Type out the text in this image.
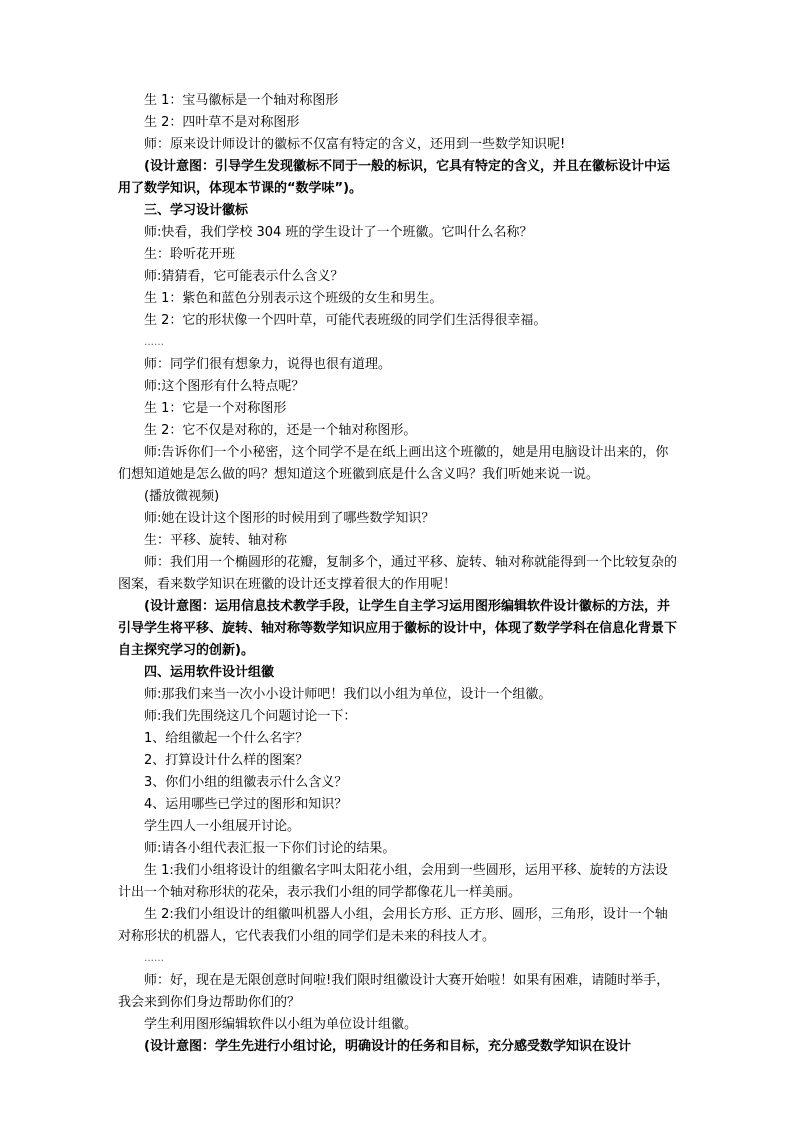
生 1：宝马徽标是一个轴对称图形

生 2：四叶草不是对称图形

师：原来设计师设计的徽标不仅富有特定的含义，还用到一些数学知识呢!

(设计意图：引导学生发现徽标不同于一般的标识，它具有特定的含义，并且在徽标设计中运用了数学知识，体现本节课的“数学味”)。

三、学习设计徽标

师:快看，我们学校 304 班的学生设计了一个班徽。它叫什么名称？

生：聆听花开班

师:猜猜看，它可能表示什么含义？

生 1：紫色和蓝色分别表示这个班级的女生和男生。

生 2：它的形状像一个四叶草，可能代表班级的同学们生活得很幸福。

……

师：同学们很有想象力，说得也很有道理。

师:这个图形有什么特点呢？

生 1：它是一个对称图形

生 2：它不仅是对称的，还是一个轴对称图形。

师:告诉你们一个小秘密，这个同学不是在纸上画出这个班徽的，她是用电脑设计出来的，你们想知道她是怎么做的吗？想知道这个班徽到底是什么含义吗？我们听她来说一说。

(播放微视频)

师:她在设计这个图形的时候用到了哪些数学知识？

生：平移、旋转、轴对称

师：我们用一个椭圆形的花瓣，复制多个，通过平移、旋转、轴对称就能得到一个比较复杂的图案，看来数学知识在班徽的设计还支撑着很大的作用呢！

(设计意图：运用信息技术教学手段，让学生自主学习运用图形编辑软件设计徽标的方法，并引导学生将平移、旋转、轴对称等数学知识应用于徽标的设计中，体现了数学学科在信息化背景下自主探究学习的创新)。

四、运用软件设计组徽

师:那我们来当一次小小设计师吧！我们以小组为单位，设计一个组徽。

师:我们先围绕这几个问题讨论一下：

1、给组徽起一个什么名字？

2、打算设计什么样的图案？

3、你们小组的组徽表示什么含义？

4、运用哪些已学过的图形和知识？

学生四人一小组展开讨论。

师:请各小组代表汇报一下你们讨论的结果。

生 1:我们小组将设计的组徽名字叫太阳花小组，会用到一些圆形，运用平移、旋转的方法设计出一个轴对称形状的花朵，表示我们小组的同学都像花儿一样美丽。

生 2:我们小组设计的组徽叫机器人小组，会用长方形、正方形、圆形，三角形，设计一个轴对称形状的机器人，它代表我们小组的同学们是未来的科技人才。

……

师：好，现在是无限创意时间啦!我们限时组徽设计大赛开始啦！如果有困难，请随时举手，我会来到你们身边帮助你们的？

学生利用图形编辑软件以小组为单位设计组徽。

(设计意图：学生先进行小组讨论，明确设计的任务和目标，充分感受数学知识在设计
